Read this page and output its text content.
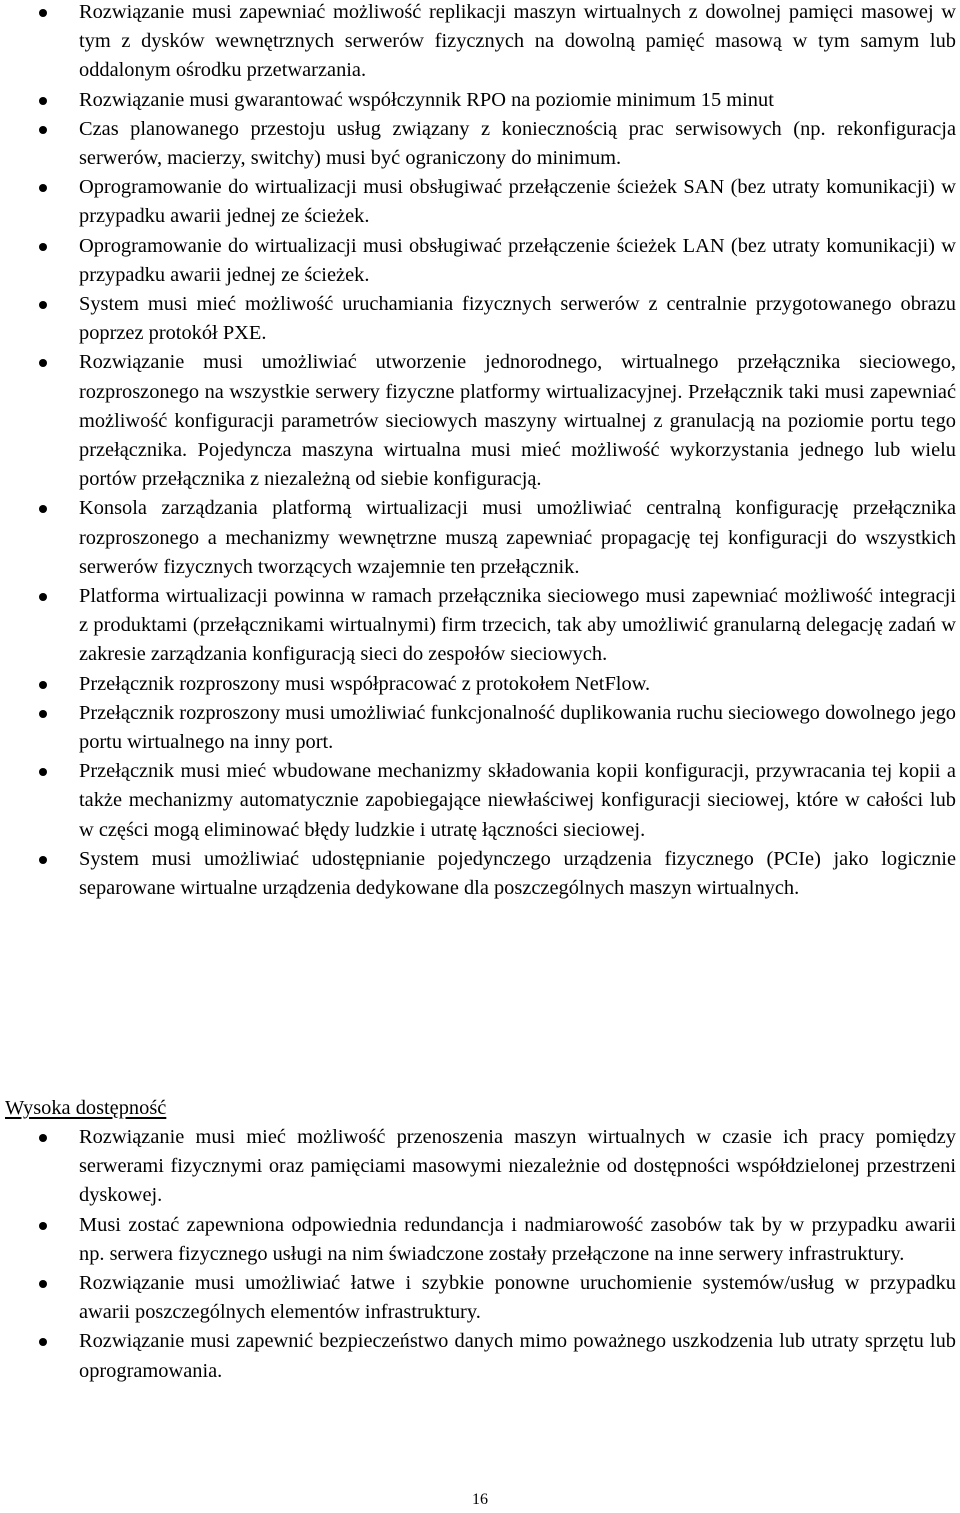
Rozwiązanie musi zapewniać możliwość replikacji maszyn wirtualnych z dowolnej pamięci masowej w tym z dysków wewnętrznych serwerów fizycznych na dowolną pamięć masową w tym samym lub oddalonym ośrodku przetwarzania.
Rozwiązanie musi gwarantować współczynnik RPO na poziomie minimum 15 minut
Czas planowanego przestoju usług związany z koniecznością prac serwisowych (np. rekonfiguracja serwerów, macierzy, switchy) musi być ograniczony do minimum.
Oprogramowanie do wirtualizacji musi obsługiwać przełączenie ścieżek SAN (bez utraty komunikacji) w przypadku awarii jednej ze ścieżek.
Oprogramowanie do wirtualizacji musi obsługiwać przełączenie ścieżek LAN (bez utraty komunikacji) w przypadku awarii jednej ze ścieżek.
System musi mieć możliwość uruchamiania fizycznych serwerów z centralnie przygotowanego obrazu poprzez protokół PXE.
Rozwiązanie musi umożliwiać utworzenie jednorodnego, wirtualnego przełącznika sieciowego, rozproszonego na wszystkie serwery fizyczne platformy wirtualizacyjnej. Przełącznik taki musi zapewniać możliwość konfiguracji parametrów sieciowych maszyny wirtualnej z granulacją na poziomie portu tego przełącznika. Pojedyncza maszyna wirtualna musi mieć możliwość wykorzystania jednego lub wielu portów przełącznika z niezależną od siebie konfiguracją.
Konsola zarządzania platformą wirtualizacji musi umożliwiać centralną konfigurację przełącznika rozproszonego a mechanizmy wewnętrzne muszą zapewniać propagację tej konfiguracji do wszystkich serwerów fizycznych tworzących wzajemnie ten przełącznik.
Platforma wirtualizacji powinna w ramach przełącznika sieciowego musi zapewniać możliwość integracji z produktami (przełącznikami wirtualnymi) firm trzecich, tak aby umożliwić granularną delegację zadań w zakresie zarządzania konfiguracją sieci do zespołów sieciowych.
Przełącznik rozproszony musi współpracować z protokołem NetFlow.
Przełącznik rozproszony musi umożliwiać funkcjonalność duplikowania ruchu sieciowego dowolnego jego portu wirtualnego na inny port.
Przełącznik musi mieć wbudowane mechanizmy składowania kopii konfiguracji, przywracania tej kopii a także mechanizmy automatycznie zapobiegające niewłaściwej konfiguracji sieciowej, które w całości lub w części mogą eliminować błędy ludzkie i utratę łączności sieciowej.
System musi umożliwiać udostępnianie pojedynczego urządzenia fizycznego (PCIe) jako logicznie separowane wirtualne urządzenia dedykowane dla poszczególnych maszyn wirtualnych.
Wysoka dostępność
Rozwiązanie musi mieć możliwość przenoszenia maszyn wirtualnych w czasie ich pracy pomiędzy serwerami fizycznymi oraz pamięciami masowymi niezależnie od dostępności współdzielonej przestrzeni dyskowej.
Musi zostać zapewniona odpowiednia redundancja i nadmiarowość zasobów tak by w przypadku awarii np. serwera fizycznego usługi na nim świadczone zostały przełączone na inne serwery infrastruktury.
Rozwiązanie musi umożliwiać łatwe i szybkie ponowne uruchomienie systemów/usług w przypadku awarii poszczególnych elementów infrastruktury.
Rozwiązanie musi zapewnić bezpieczeństwo danych mimo poważnego uszkodzenia lub utraty sprzętu lub oprogramowania.
16
